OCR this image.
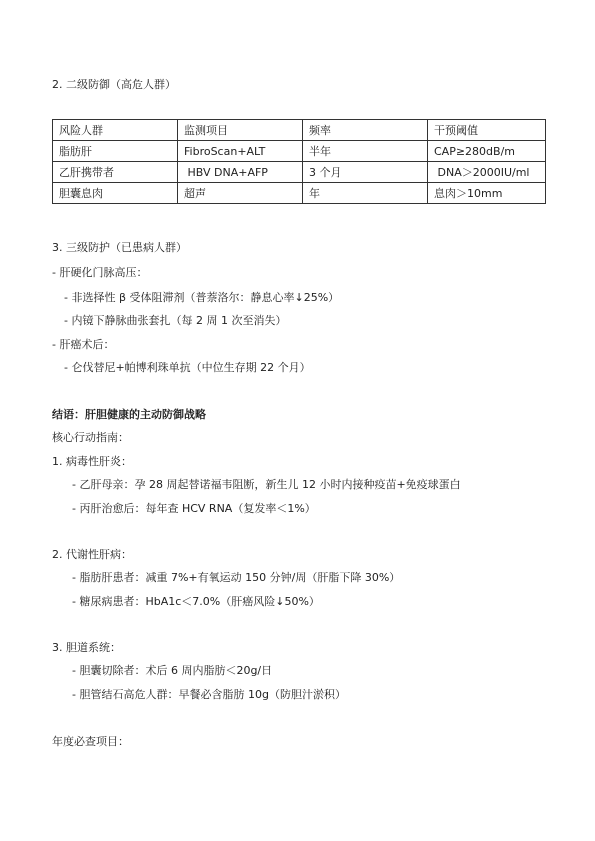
2. 二级防御（高危人群）
风险人群	监测项目	频率	干预阈值
脂肪肝	FibroScan+ALT	半年	CAP≥280dB/m
乙肝携带者	HBV DNA+AFP	3 个月	DNA＞2000IU/ml
胆囊息肉	超声	年	息肉＞10mm
3. 三级防护（已患病人群）
- 肝硬化门脉高压：
- 非选择性 β 受体阻滞剂（普萘洛尔：静息心率↓25%）
- 内镜下静脉曲张套扎（每 2 周 1 次至消失）
- 肝癌术后：
- 仑伐替尼+帕博利珠单抗（中位生存期 22 个月）
结语：肝胆健康的主动防御战略
核心行动指南：
1. 病毒性肝炎：
- 乙肝母亲：孕 28 周起替诺福韦阻断，新生儿 12 小时内接种疫苗+免疫球蛋白
- 丙肝治愈后：每年查 HCV RNA（复发率＜1%）
2. 代谢性肝病：
- 脂肪肝患者：减重 7%+有氧运动 150 分钟/周（肝脂下降 30%）
- 糖尿病患者：HbA1c＜7.0%（肝癌风险↓50%）
3. 胆道系统：
- 胆囊切除者：术后 6 周内脂肪＜20g/日
- 胆管结石高危人群：早餐必含脂肪 10g（防胆汁淤积）
年度必查项目：
